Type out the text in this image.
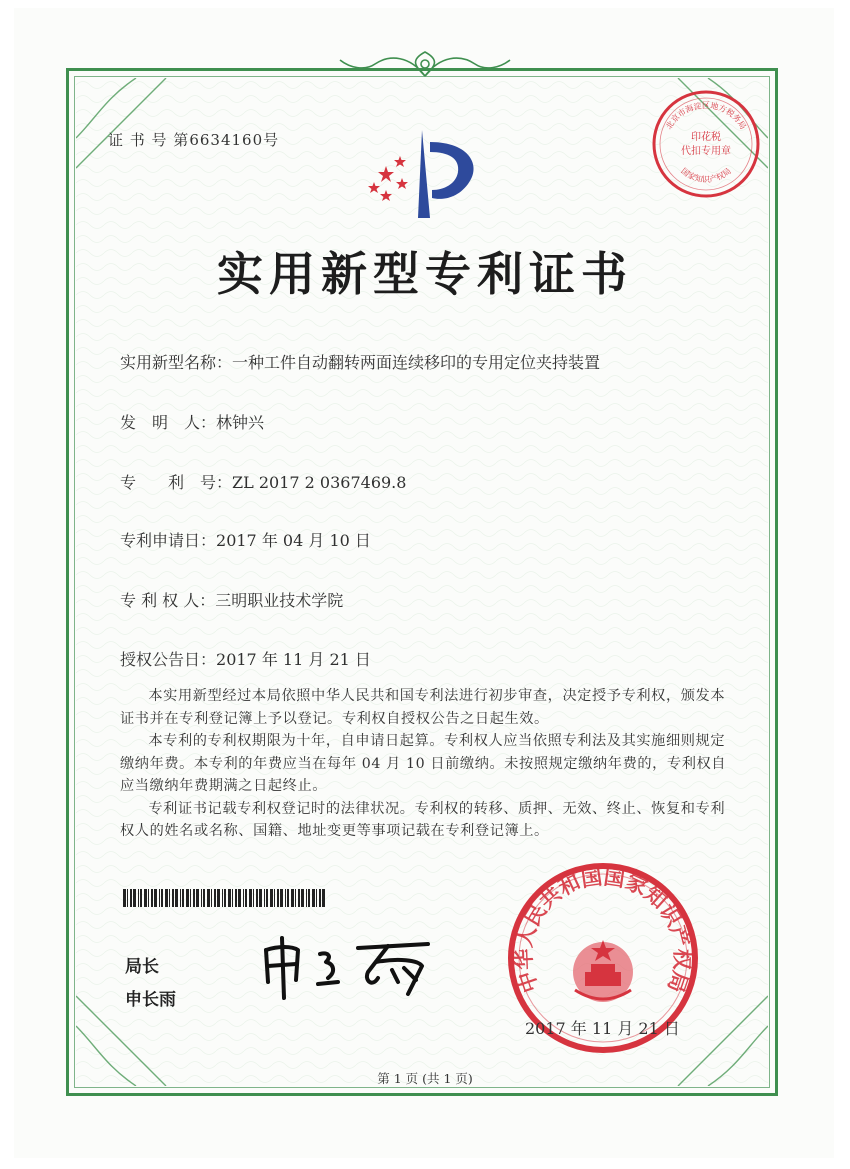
证 书 号 第6634160号
北京市海淀区地方税务局
印花税
代扣专用章
国家知识产权局
实用新型专利证书
实用新型名称：一种工件自动翻转两面连续移印的专用定位夹持装置
发　明　人：林钟兴
专　　利　号：ZL 2017 2 0367469.8
专利申请日：2017 年 04 月 10 日
专 利 权 人：三明职业技术学院
授权公告日：2017 年 11 月 21 日

本实用新型经过本局依照中华人民共和国专利法进行初步审查，决定授予专利权，颁发本证书并在专利登记簿上予以登记。专利权自授权公告之日起生效。

本专利的专利权期限为十年，自申请日起算。专利权人应当依照专利法及其实施细则规定缴纳年费。本专利的年费应当在每年 04 月 10 日前缴纳。未按照规定缴纳年费的，专利权自应当缴纳年费期满之日起终止。

专利证书记载专利权登记时的法律状况。专利权的转移、质押、无效、终止、恢复和专利权人的姓名或名称、国籍、地址变更等事项记载在专利登记簿上。

局长
申长雨
中华人民共和国国家知识产权局
2017 年 11 月 21 日
第 1 页 (共 1 页)
